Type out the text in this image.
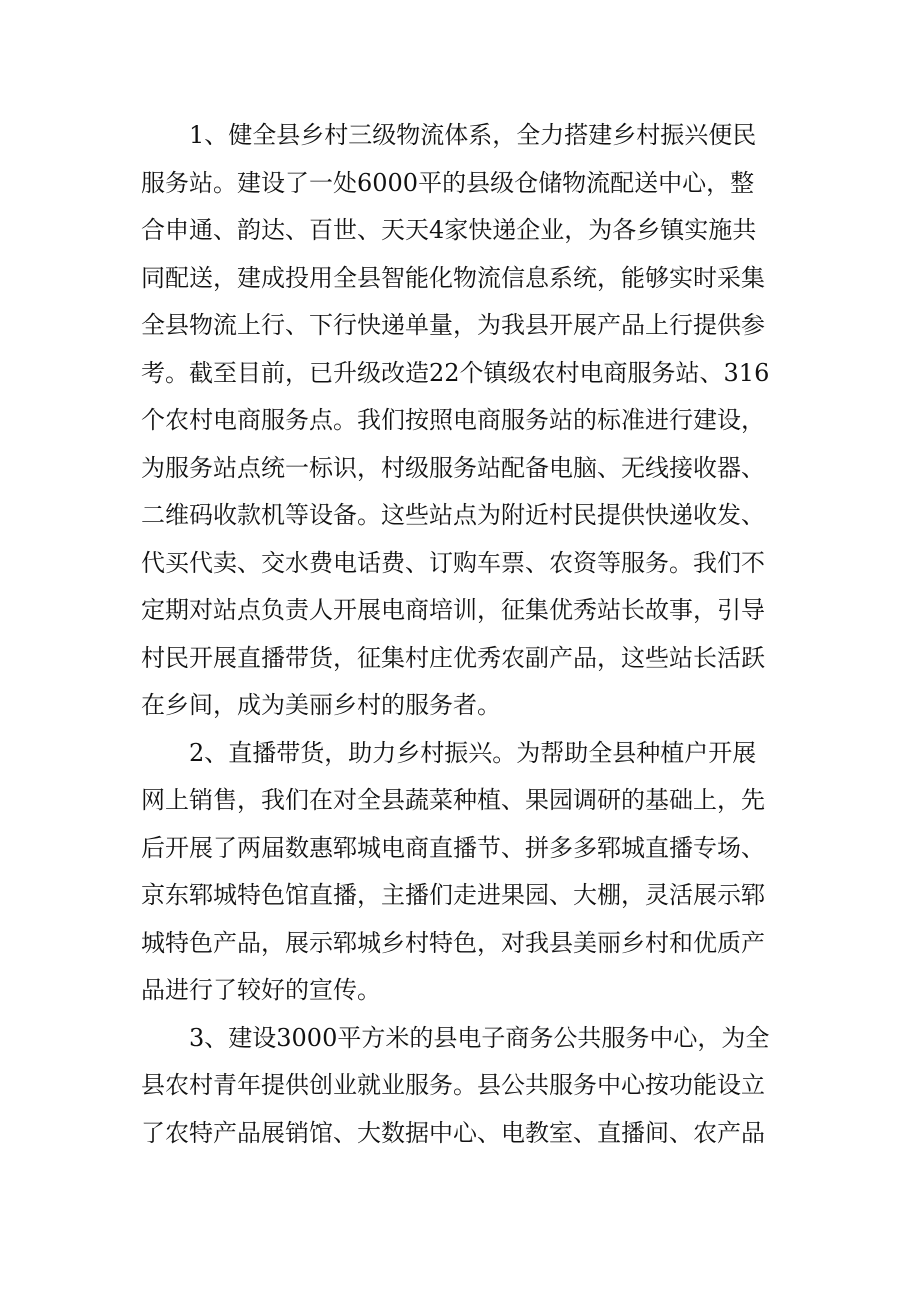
　　1、健全县乡村三级物流体系，全力搭建乡村振兴便民
服务站。建设了一处6000平的县级仓储物流配送中心，整
合申通、韵达、百世、天天4家快递企业，为各乡镇实施共
同配送，建成投用全县智能化物流信息系统，能够实时采集
全县物流上行、下行快递单量，为我县开展产品上行提供参
考。截至目前，已升级改造22个镇级农村电商服务站、316
个农村电商服务点。我们按照电商服务站的标准进行建设，
为服务站点统一标识，村级服务站配备电脑、无线接收器、
二维码收款机等设备。这些站点为附近村民提供快递收发、
代买代卖、交水费电话费、订购车票、农资等服务。我们不
定期对站点负责人开展电商培训，征集优秀站长故事，引导
村民开展直播带货，征集村庄优秀农副产品，这些站长活跃
在乡间，成为美丽乡村的服务者。
　　2、直播带货，助力乡村振兴。为帮助全县种植户开展
网上销售，我们在对全县蔬菜种植、果园调研的基础上，先
后开展了两届数惠郓城电商直播节、拼多多郓城直播专场、
京东郓城特色馆直播，主播们走进果园、大棚，灵活展示郓
城特色产品，展示郓城乡村特色，对我县美丽乡村和优质产
品进行了较好的宣传。
　　3、建设3000平方米的县电子商务公共服务中心，为全
县农村青年提供创业就业服务。县公共服务中心按功能设立
了农特产品展销馆、大数据中心、电教室、直播间、农产品
